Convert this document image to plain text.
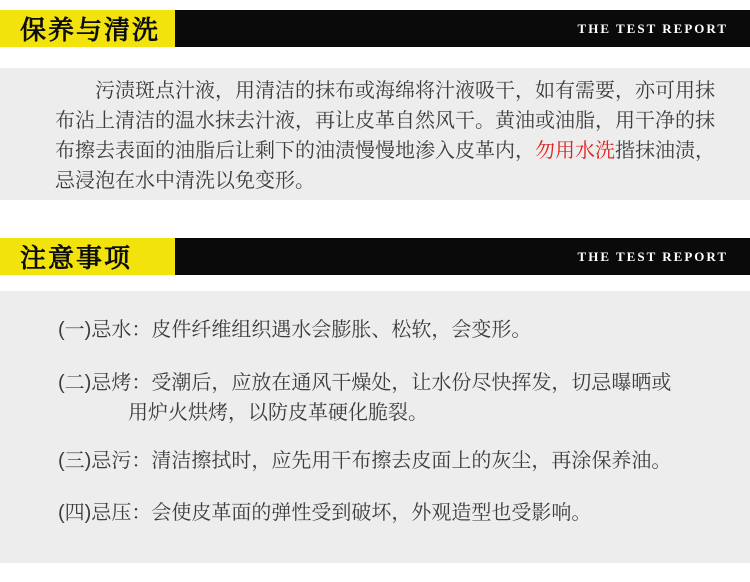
保养与清洗	THE TEST REPORT

污渍斑点汁液，用清洁的抹布或海绵将汁液吸干，如有需要，亦可用抹布沾上清洁的温水抹去汁液，再让皮革自然风干。黄油或油脂，用干净的抹布擦去表面的油脂后让剩下的油渍慢慢地渗入皮革内，勿用水洗揩抹油渍，忌浸泡在水中清洗以免变形。

注意事项	THE TEST REPORT
(一)忌水：皮件纤维组织遇水会膨胀、松软，会变形。
(二)忌烤：受潮后，应放在通风干燥处，让水份尽快挥发，切忌曝晒或
用炉火烘烤，以防皮革硬化脆裂。
(三)忌污：清洁擦拭时，应先用干布擦去皮面上的灰尘，再涂保养油。
(四)忌压：会使皮革面的弹性受到破坏，外观造型也受影响。
